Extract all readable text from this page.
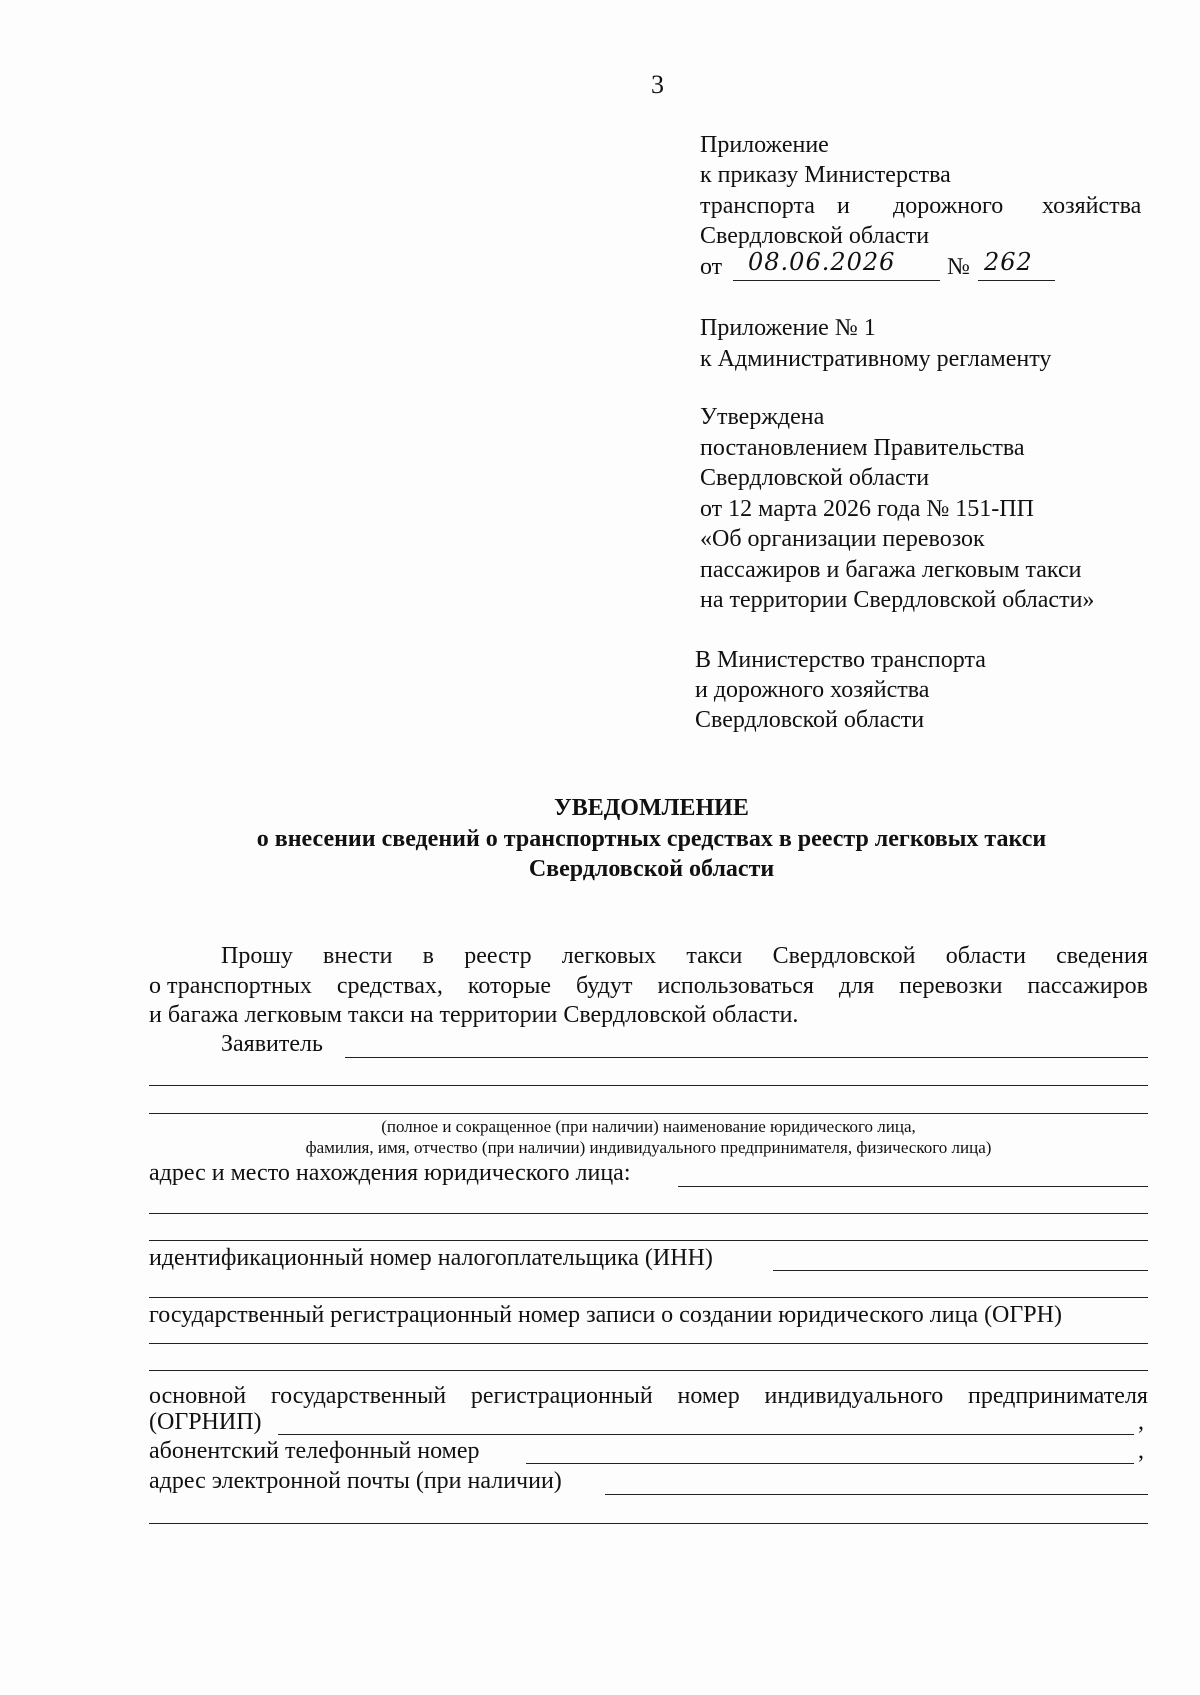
3
Приложение
к приказу Министерства
транспорта и дорожного хозяйства
Свердловской области
от 08.06.2026 № 262
Приложение № 1
к Административному регламенту
Утверждена
постановлением Правительства
Свердловской области
от 12 марта 2026 года № 151-ПП
«Об организации перевозок
пассажиров и багажа легковым такси
на территории Свердловской области»
В Министерство транспорта
и дорожного хозяйства
Свердловской области
УВЕДОМЛЕНИЕ
о внесении сведений о транспортных средствах в реестр легковых такси
Свердловской области
Прошу внести в реестр легковых такси Свердловской области сведения
о транспортных средствах, которые будут использоваться для перевозки пассажиров
и багажа легковым такси на территории Свердловской области.
Заявитель
(полное и сокращенное (при наличии) наименование юридического лица,
фамилия, имя, отчество (при наличии) индивидуального предпринимателя, физического лица)
адрес и место нахождения юридического лица:
идентификационный номер налогоплательщика (ИНН)
государственный регистрационный номер записи о создании юридического лица (ОГРН)
основной государственный регистрационный номер индивидуального предпринимателя
(ОГРНИП)	,
абонентский телефонный номер	,
адрес электронной почты (при наличии)
